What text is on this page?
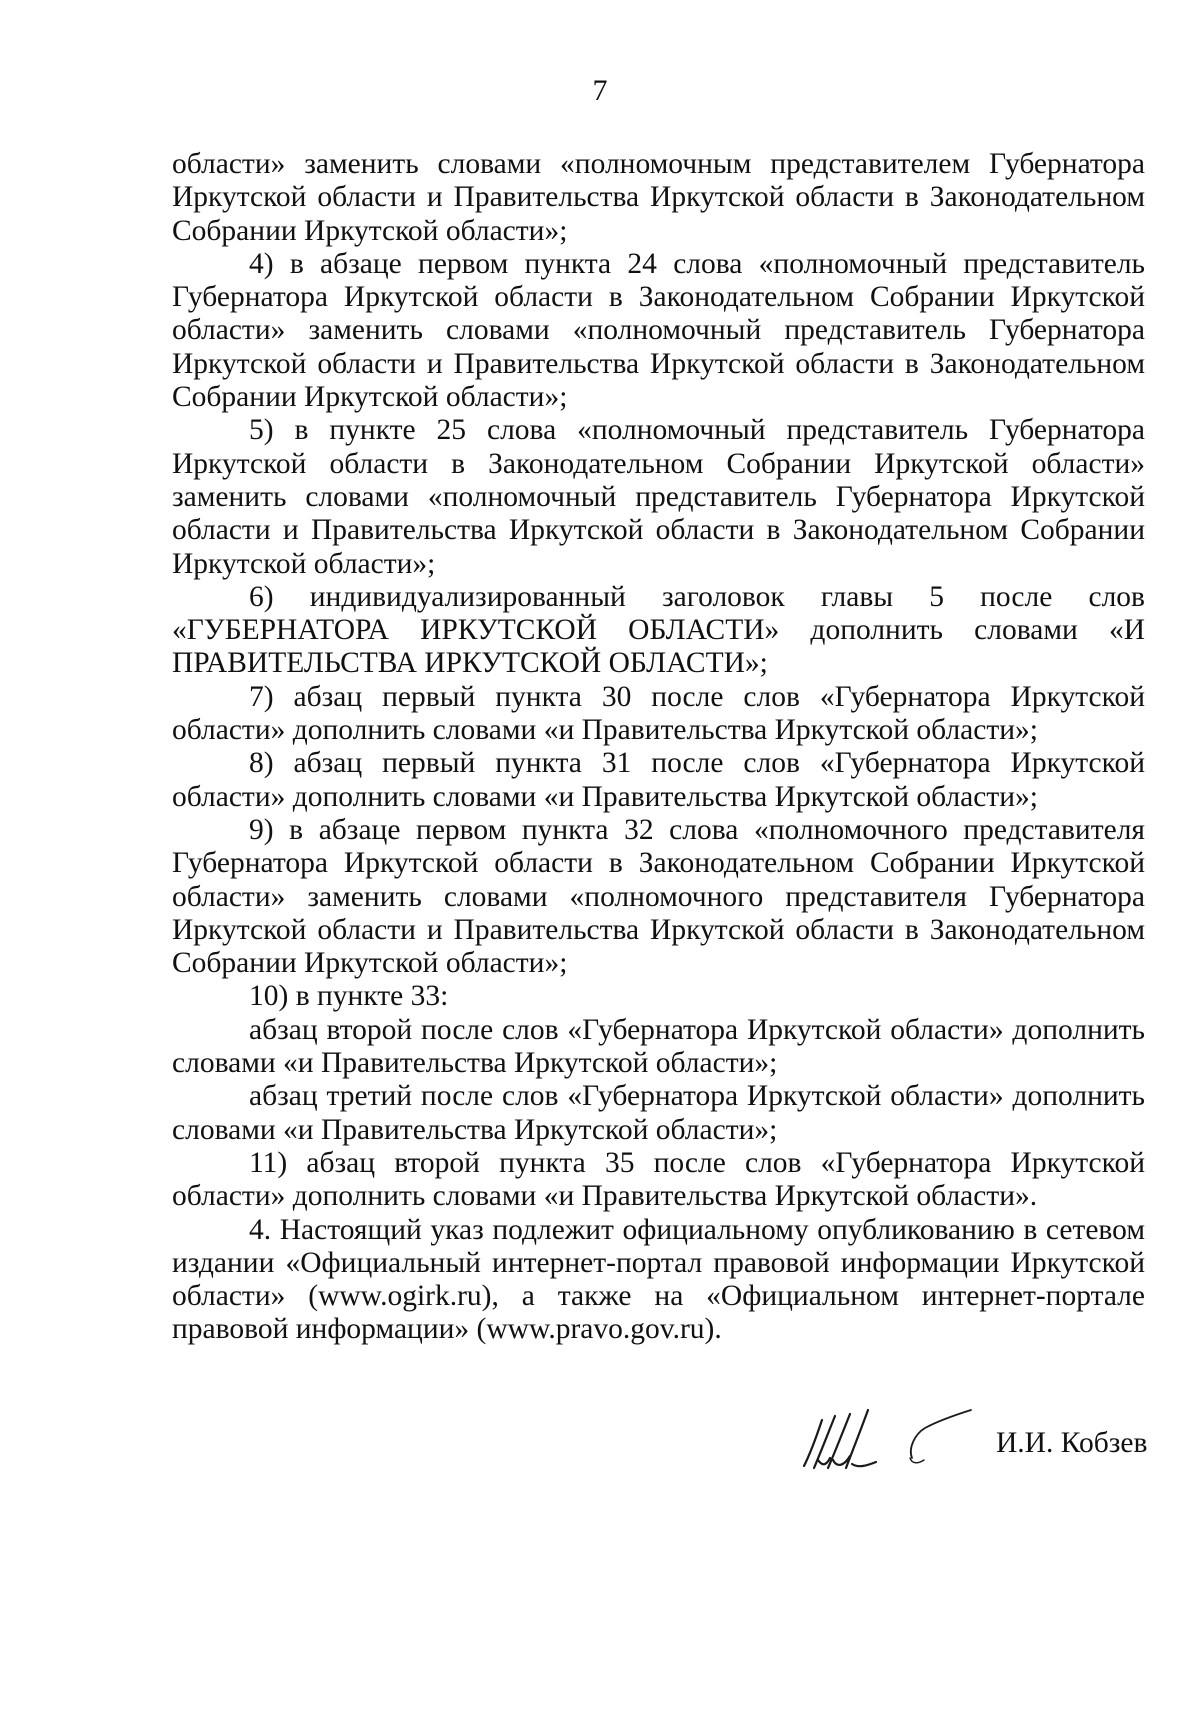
7

области» заменить словами «полномочным представителем Губернатора Иркутской области и Правительства Иркутской области в Законодательном Собрании Иркутской области»;

4) в абзаце первом пункта 24 слова «полномочный представитель Губернатора Иркутской области в Законодательном Собрании Иркутской области» заменить словами «полномочный представитель Губернатора Иркутской области и Правительства Иркутской области в Законодательном Собрании Иркутской области»;

5) в пункте 25 слова «полномочный представитель Губернатора Иркутской области в Законодательном Собрании Иркутской области» заменить словами «полномочный представитель Губернатора Иркутской области и Правительства Иркутской области в Законодательном Собрании Иркутской области»;

6) индивидуализированный заголовок главы 5 после слов «ГУБЕРНАТОРА ИРКУТСКОЙ ОБЛАСТИ» дополнить словами «И ПРАВИТЕЛЬСТВА ИРКУТСКОЙ ОБЛАСТИ»;

7) абзац первый пункта 30 после слов «Губернатора Иркутской области» дополнить словами «и Правительства Иркутской области»;

8) абзац первый пункта 31 после слов «Губернатора Иркутской области» дополнить словами «и Правительства Иркутской области»;

9) в абзаце первом пункта 32 слова «полномочного представителя Губернатора Иркутской области в Законодательном Собрании Иркутской области» заменить словами «полномочного представителя Губернатора Иркутской области и Правительства Иркутской области в Законодательном Собрании Иркутской области»;

10) в пункте 33:

абзац второй после слов «Губернатора Иркутской области» дополнить словами «и Правительства Иркутской области»;

абзац третий после слов «Губернатора Иркутской области» дополнить словами «и Правительства Иркутской области»;

11) абзац второй пункта 35 после слов «Губернатора Иркутской области» дополнить словами «и Правительства Иркутской области».

4. Настоящий указ подлежит официальному опубликованию в сетевом издании «Официальный интернет-портал правовой информации Иркутской области» (www.ogirk.ru), а также на «Официальном интернет-портале правовой информации» (www.pravo.gov.ru).

И.И. Кобзев
